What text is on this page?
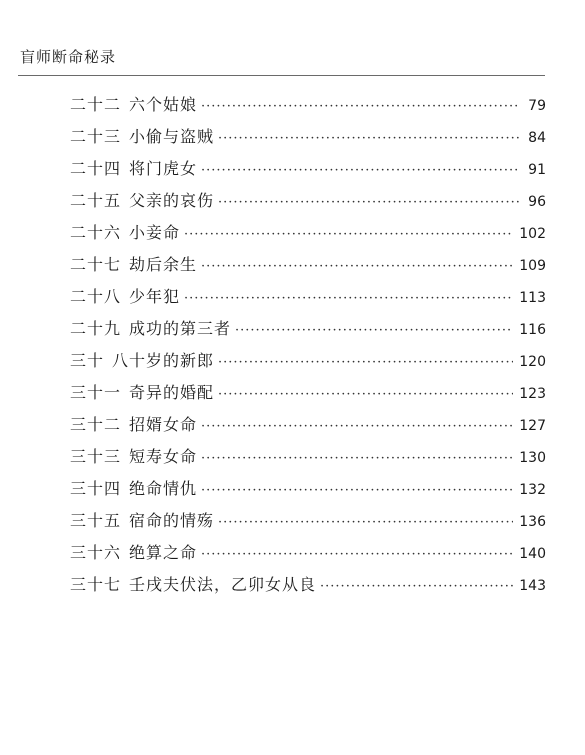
盲师断命秘录
二十二 六个姑娘 ·····	79
二十三 小偷与盗贼 ·····	84
二十四 将门虎女 ·····	91
二十五 父亲的哀伤 ·····	96
二十六 小妾命 ·····	102
二十七 劫后余生 ·····	109
二十八 少年犯 ·····	113
二十九 成功的第三者 ·····	116
三十 八十岁的新郎 ·····	120
三十一 奇异的婚配 ·····	123
三十二 招婿女命 ·····	127
三十三 短寿女命 ·····	130
三十四 绝命情仇 ·····	132
三十五 宿命的情殇 ·····	136
三十六 绝算之命 ·····	140
三十七 壬戌夫伏法，乙卯女从良 ·····	143
